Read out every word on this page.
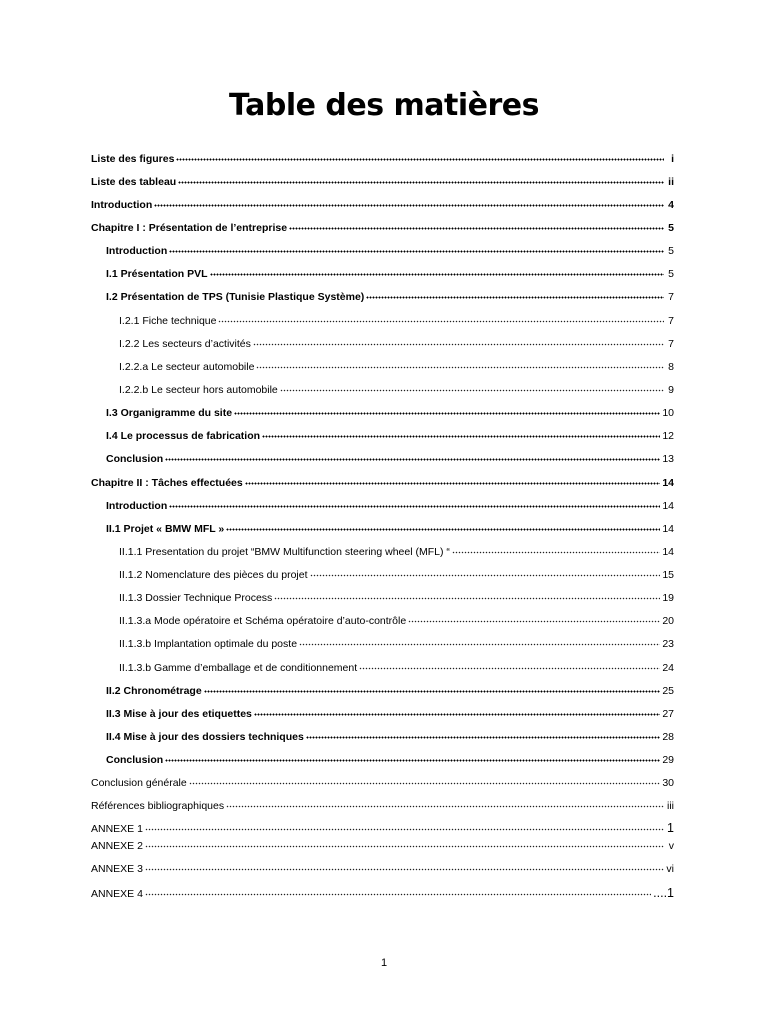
Table des matières
Liste des figures	i
Liste des tableau	ii
Introduction	4
Chapitre I : Présentation de l’entreprise	5
Introduction	5
I.1 Présentation PVL	5
I.2 Présentation de TPS (Tunisie Plastique Système)	7
I.2.1 Fiche technique	7
I.2.2 Les secteurs d’activités	7
I.2.2.a Le secteur automobile	8
I.2.2.b Le secteur hors automobile	9
I.3 Organigramme du site	10
I.4 Le processus de fabrication	12
Conclusion	13
Chapitre II : Tâches effectuées	14
Introduction	14
II.1 Projet « BMW MFL »	14
II.1.1 Presentation du projet “BMW Multifunction steering wheel (MFL) “	14
II.1.2 Nomenclature des pièces du projet	15
II.1.3 Dossier Technique Process	19
II.1.3.a Mode opératoire et Schéma opératoire d’auto-contrôle	20
II.1.3.b Implantation optimale du poste	23
II.1.3.b Gamme d’emballage et de conditionnement	24
II.2 Chronométrage	25
II.3 Mise à jour des etiquettes	27
II.4 Mise à jour des dossiers techniques	28
Conclusion	29
Conclusion générale	30
Références bibliographiques	iii
ANNEXE 1	1
ANNEXE 2	v
ANNEXE 3	vi
ANNEXE 4	....1

1
